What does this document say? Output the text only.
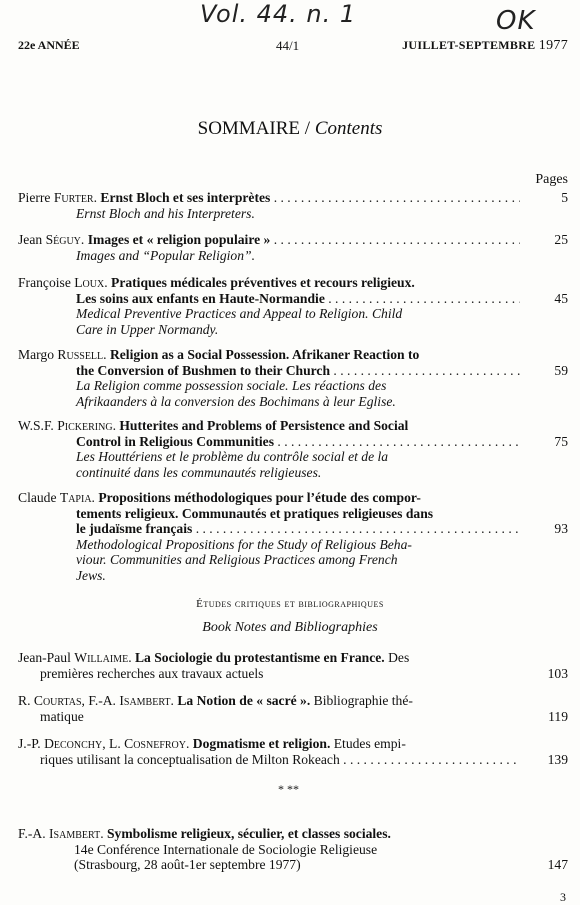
Vol. 44. n. 1	OK
22e ANNÉE	44/1	JUILLET-SEPTEMBRE 1977
SOMMAIRE / Contents
Pages
Pierre Furter. Ernst Bloch et ses interprètes . . .	5
Ernst Bloch and his Interpreters.
Jean Séguy. Images et « religion populaire » . . .	25
Images and “Popular Religion”.
Françoise Loux. Pratiques médicales préventives et recours religieux.
Les soins aux enfants en Haute-Normandie . . .	45
Medical Preventive Practices and Appeal to Religion. Child
Care in Upper Normandy.
Margo Russell. Religion as a Social Possession. Afrikaner Reaction to
the Conversion of Bushmen to their Church . . .	59
La Religion comme possession sociale. Les réactions des
Afrikaanders à la conversion des Bochimans à leur Eglise.
W.S.F. Pickering. Hutterites and Problems of Persistence and Social
Control in Religious Communities . . .	75
Les Houttériens et le problème du contrôle social et de la
continuité dans les communautés religieuses.
Claude Tapia. Propositions méthodologiques pour l’étude des compor-
tements religieux. Communautés et pratiques religieuses dans
le judaïsme français . . .	93
Methodological Propositions for the Study of Religious Beha-
viour. Communities and Religious Practices among French
Jews.
Études critiques et bibliographiques
Book Notes and Bibliographies
Jean-Paul Willaime. La Sociologie du protestantisme en France. Des
premières recherches aux travaux actuels	103
R. Courtas, F.-A. Isambert. La Notion de « sacré ». Bibliographie thé-
matique	119
J.-P. Deconchy, L. Cosnefroy. Dogmatisme et religion. Etudes empi-
riques utilisant la conceptualisation de Milton Rokeach . . .	139
* **
F.-A. Isambert. Symbolisme religieux, séculier, et classes sociales.
14e Conférence Internationale de Sociologie Religieuse
(Strasbourg, 28 août-1er septembre 1977)	147
3
